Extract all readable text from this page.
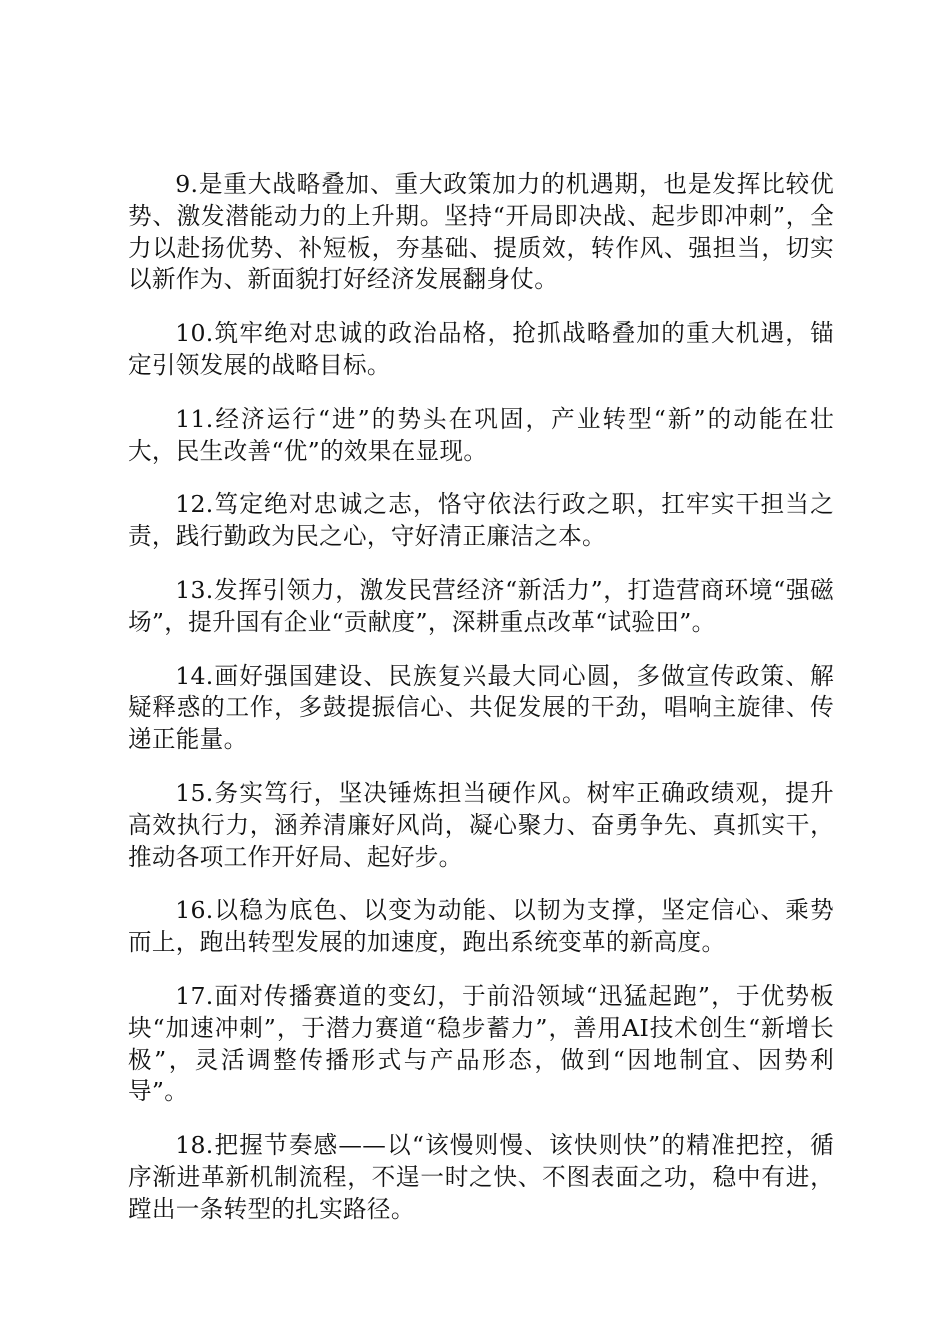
9.是重大战略叠加、重大政策加力的机遇期，也是发挥比较优势、激发潜能动力的上升期。坚持“开局即决战、起步即冲刺”，全力以赴扬优势、补短板，夯基础、提质效，转作风、强担当，切实以新作为、新面貌打好经济发展翻身仗。

10.筑牢绝对忠诚的政治品格，抢抓战略叠加的重大机遇，锚定引领发展的战略目标。

11.经济运行“进”的势头在巩固，产业转型“新”的动能在壮大，民生改善“优”的效果在显现。

12.笃定绝对忠诚之志，恪守依法行政之职，扛牢实干担当之责，践行勤政为民之心，守好清正廉洁之本。

13.发挥引领力，激发民营经济“新活力”，打造营商环境“强磁场”，提升国有企业“贡献度”，深耕重点改革“试验田”。

14.画好强国建设、民族复兴最大同心圆，多做宣传政策、解疑释惑的工作，多鼓提振信心、共促发展的干劲，唱响主旋律、传递正能量。

15.务实笃行，坚决锤炼担当硬作风。树牢正确政绩观，提升高效执行力，涵养清廉好风尚，凝心聚力、奋勇争先、真抓实干，推动各项工作开好局、起好步。

16.以稳为底色、以变为动能、以韧为支撑，坚定信心、乘势而上，跑出转型发展的加速度，跑出系统变革的新高度。

17.面对传播赛道的变幻，于前沿领域“迅猛起跑”，于优势板块“加速冲刺”，于潜力赛道“稳步蓄力”，善用AI技术创生“新增长极”，灵活调整传播形式与产品形态，做到“因地制宜、因势利导”。

18.把握节奏感——以“该慢则慢、该快则快”的精准把控，循序渐进革新机制流程，不逞一时之快、不图表面之功，稳中有进，蹚出一条转型的扎实路径。
